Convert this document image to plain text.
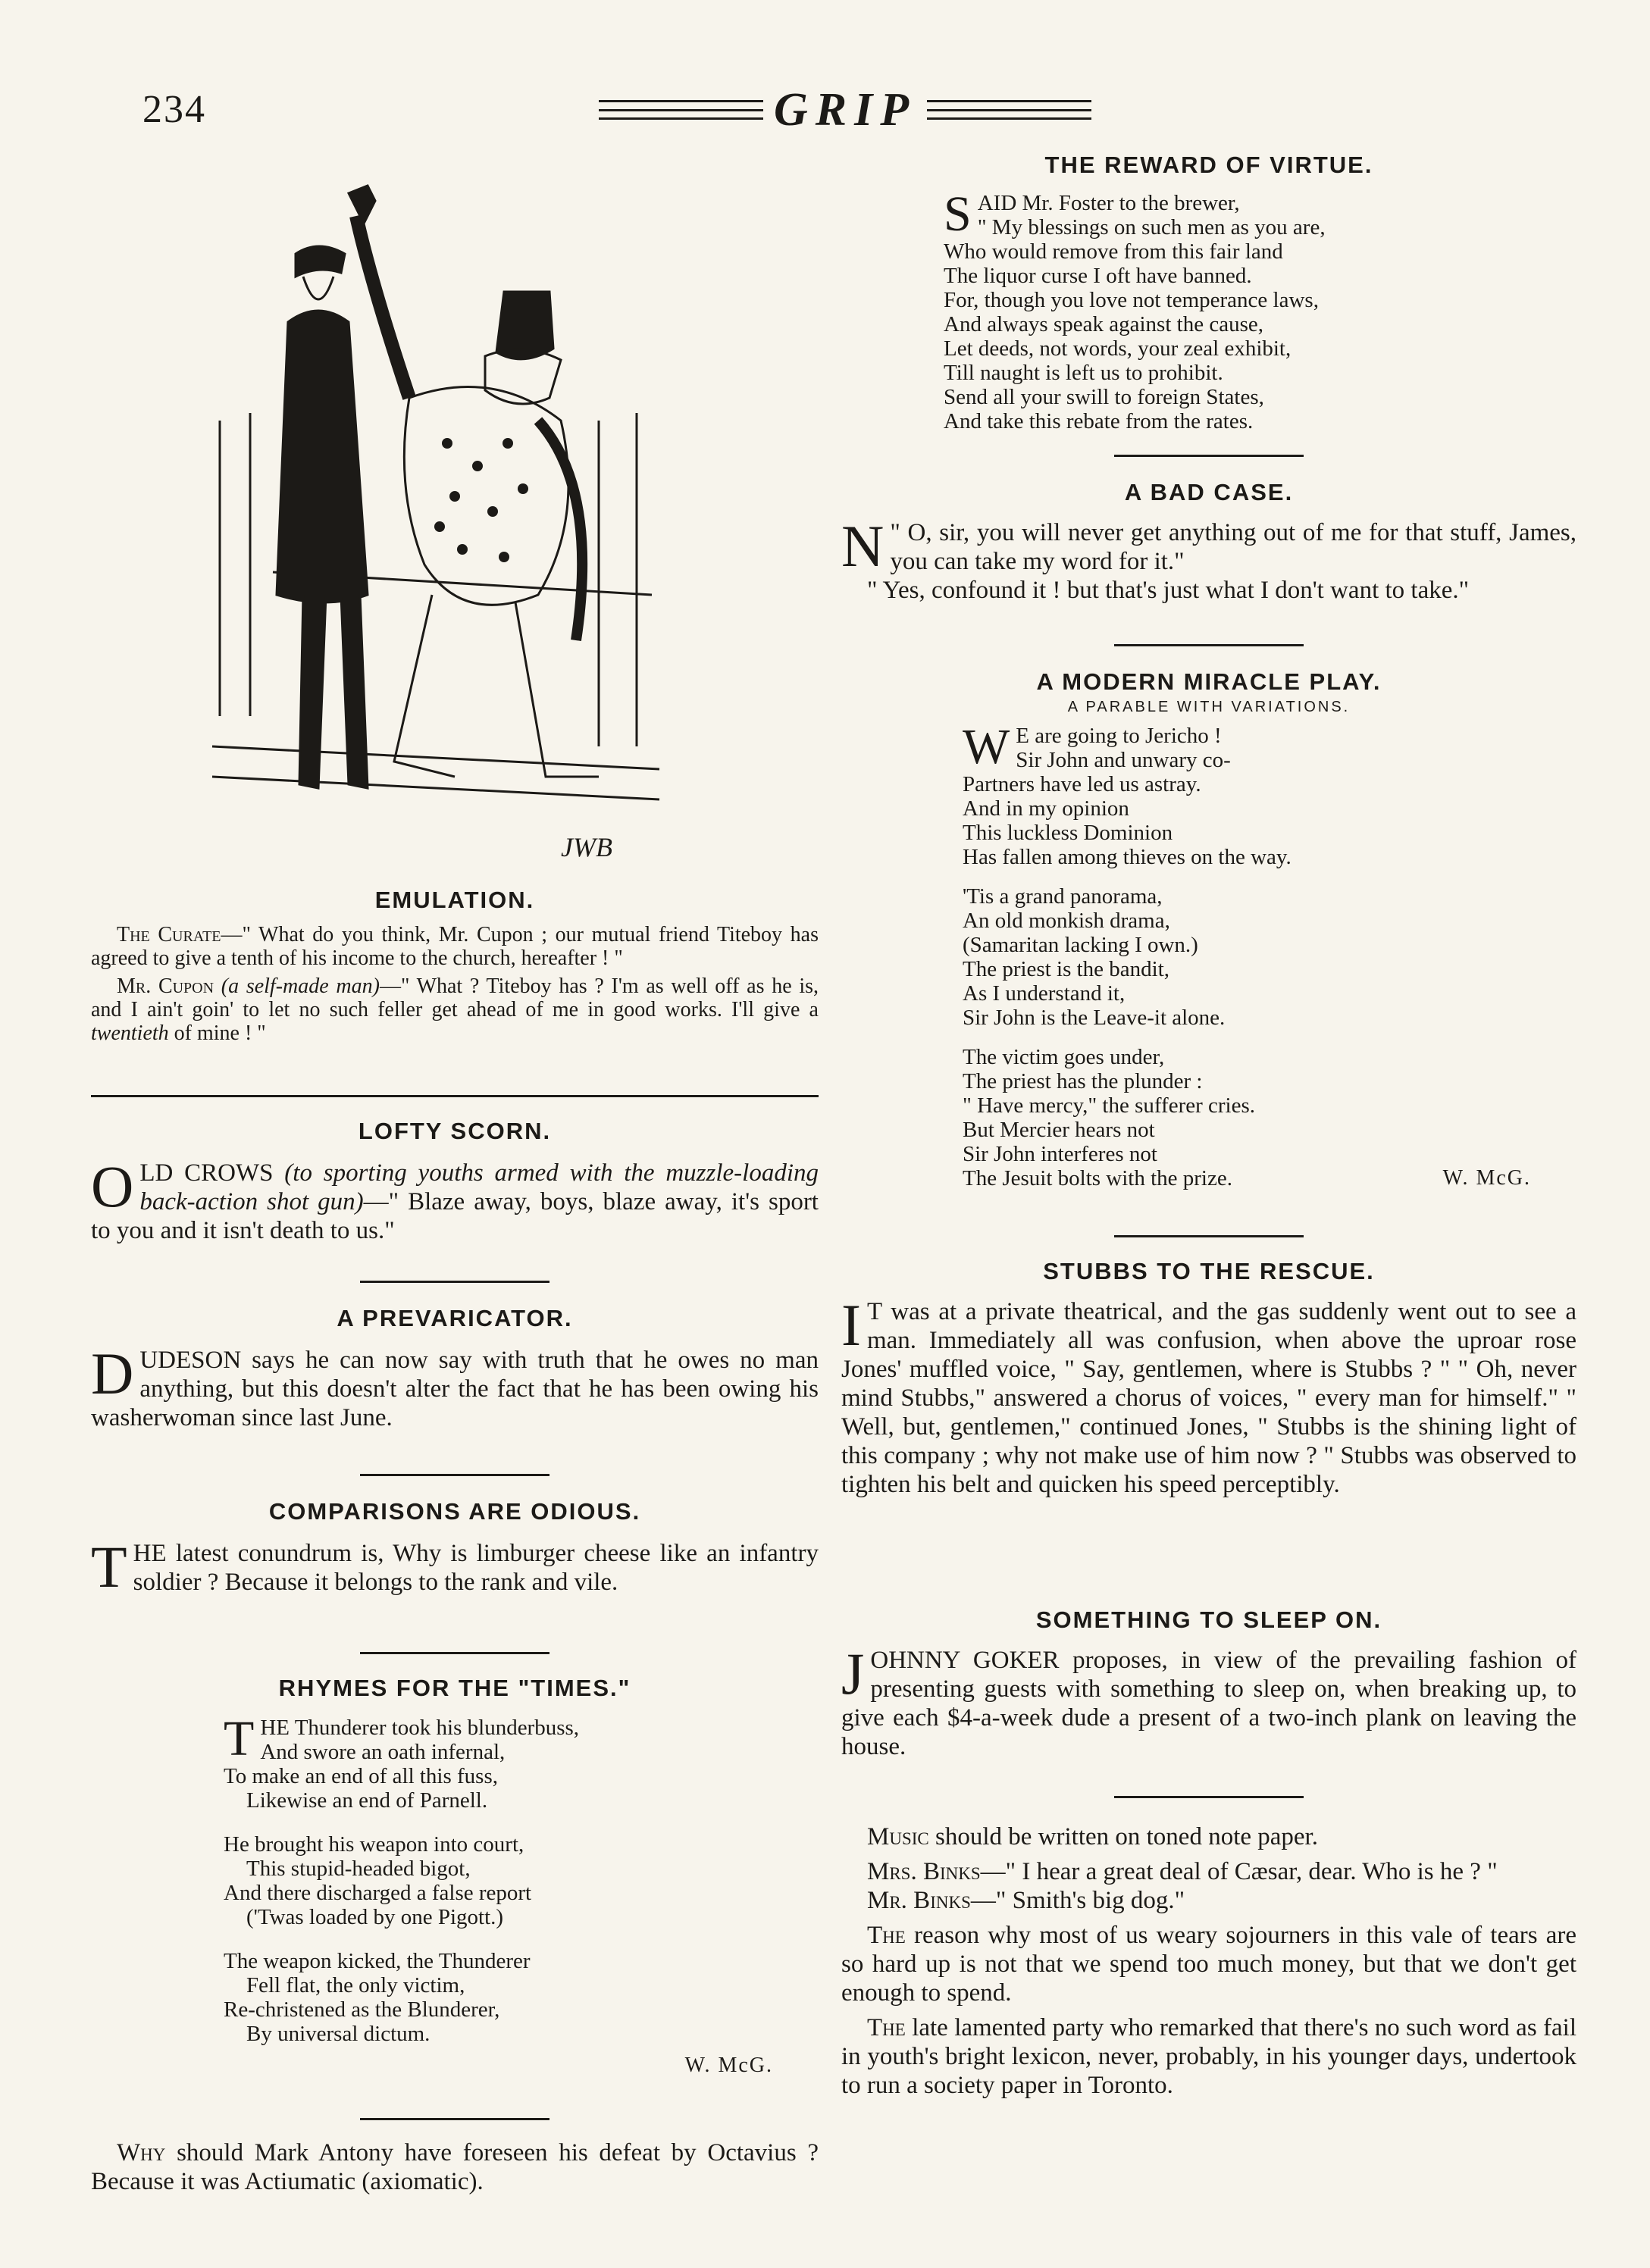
234	GRIP
JWB
EMULATION.

The Curate—" What do you think, Mr. Cupon ; our mutual friend Titeboy has agreed to give a tenth of his income to the church, hereafter ! "

Mr. Cupon (a self-made man)—" What ? Titeboy has ? I'm as well off as he is, and I ain't goin' to let no such feller get ahead of me in good works. I'll give a twentieth of mine ! "

LOFTY SCORN.

OLD CROWS (to sporting youths armed with the muzzle-loading back-action shot gun)—" Blaze away, boys, blaze away, it's sport to you and it isn't death to us."

A PREVARICATOR.

DUDESON says he can now say with truth that he owes no man anything, but this doesn't alter the fact that he has been owing his washerwoman since last June.

COMPARISONS ARE ODIOUS.

THE latest conundrum is, Why is limburger cheese like an infantry soldier ? Because it belongs to the rank and vile.

RHYMES FOR THE "TIMES."
T HE Thunderer took his blunderbuss,
And swore an oath infernal,
To make an end of all this fuss,
Likewise an end of Parnell.
He brought his weapon into court,
This stupid-headed bigot,
And there discharged a false report
('Twas loaded by one Pigott.)
The weapon kicked, the Thunderer
Fell flat, the only victim,
Re-christened as the Blunderer,
By universal dictum.
W. McG.

Why should Mark Antony have foreseen his defeat by Octavius ? Because it was Actiumatic (axiomatic).

THE REWARD OF VIRTUE.
S AID Mr. Foster to the brewer,
" My blessings on such men as you are,
Who would remove from this fair land
The liquor curse I oft have banned.
For, though you love not temperance laws,
And always speak against the cause,
Let deeds, not words, your zeal exhibit,
Till naught is left us to prohibit.
Send all your swill to foreign States,
And take this rebate from the rates.
A BAD CASE.

"
N O, sir, you will never get anything out of me for that stuff, James, you can take my word for it."

" Yes, confound it ! but that's just what I don't want to take."

A MODERN MIRACLE PLAY.
A PARABLE WITH VARIATIONS.
W E are going to Jericho !
Sir John and unwary co-
Partners have led us astray.
And in my opinion
This luckless Dominion
Has fallen among thieves on the way.
'Tis a grand panorama,
An old monkish drama,
(Samaritan lacking I own.)
The priest is the bandit,
As I understand it,
Sir John is the Leave-it alone.
The victim goes under,
The priest has the plunder :
" Have mercy," the sufferer cries.
But Mercier hears not
Sir John interferes not
The Jesuit bolts with the prize.	W. McG.
STUBBS TO THE RESCUE.

I T was at a private theatrical, and the gas suddenly went out to see a man. Immediately all was confusion, when above the uproar rose Jones' muffled voice, " Say, gentlemen, where is Stubbs ? " " Oh, never mind Stubbs," answered a chorus of voices, " every man for himself." " Well, but, gentlemen," continued Jones, " Stubbs is the shining light of this company ; why not make use of him now ? " Stubbs was observed to tighten his belt and quicken his speed perceptibly.

SOMETHING TO SLEEP ON.

JOHNNY GOKER proposes, in view of the prevailing fashion of presenting guests with something to sleep on, when breaking up, to give each $4-a-week dude a present of a two-inch plank on leaving the house.

Music should be written on toned note paper.

Mrs. Binks—" I hear a great deal of Cæsar, dear. Who is he ? "

Mr. Binks—" Smith's big dog."

The reason why most of us weary sojourners in this vale of tears are so hard up is not that we spend too much money, but that we don't get enough to spend.

The late lamented party who remarked that there's no such word as fail in youth's bright lexicon, never, probably, in his younger days, undertook to run a society paper in Toronto.
